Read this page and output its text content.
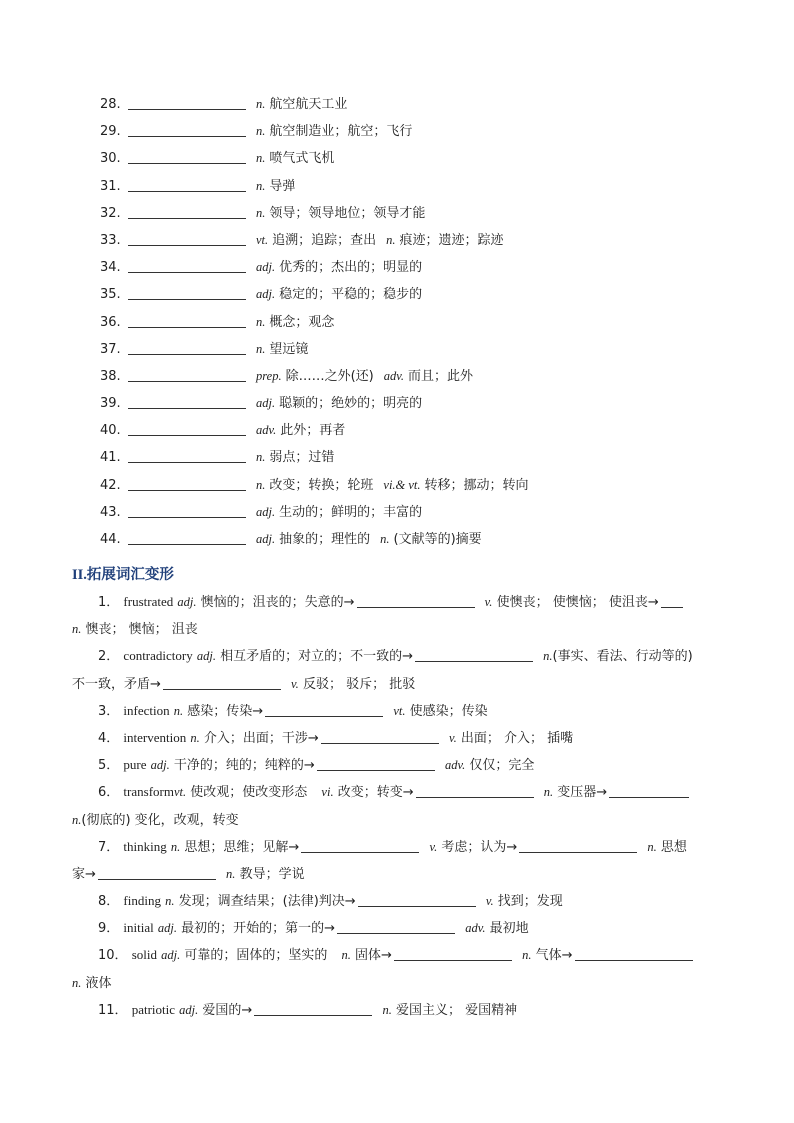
28.	n. 航空航天工业
29.	n. 航空制造业；航空；飞行
30.	n. 喷气式飞机
31.	n. 导弹
32.	n. 领导；领导地位；领导才能
33.	vt. 追溯；追踪；查出 n. 痕迹；遗迹；踪迹
34.	adj. 优秀的；杰出的；明显的
35.	adj. 稳定的；平稳的；稳步的
36.	n. 概念；观念
37.	n. 望远镜
38.	prep. 除……之外(还) adv. 而且；此外
39.	adj. 聪颖的；绝妙的；明亮的
40.	adv. 此外；再者
41.	n. 弱点；过错
42.	n. 改变；转换；轮班 vi.& vt. 转移；挪动；转向
43.	adj. 生动的；鲜明的；丰富的
44.	adj. 抽象的；理性的 n. (文献等的)摘要
II.拓展词汇变形
1． frustrated adj. 懊恼的；沮丧的；失意的→	v. 使懊丧； 使懊恼； 使沮丧→
n. 懊丧； 懊恼； 沮丧
2． contradictory adj. 相互矛盾的；对立的；不一致的→	n.(事实、看法、行动等的)
不一致，矛盾→	v. 反驳； 驳斥； 批驳
3． infection n. 感染；传染→	vt. 使感染；传染
4． intervention n. 介入；出面；干涉→	v. 出面； 介入； 插嘴
5． pure adj. 干净的；纯的；纯粹的→	adv. 仅仅；完全
6． transformvt. 使改观；使改变形态 vi. 改变；转变→	n. 变压器→
n.(彻底的) 变化，改观，转变
7． thinking n. 思想；思维；见解→	v. 考虑；认为→	n. 思想
家→	n. 教导；学说
8． finding n. 发现；调查结果；(法律)判决→	v. 找到；发现
9． initial adj. 最初的；开始的；第一的→	adv. 最初地
10． solid adj. 可靠的；固体的；坚实的 n. 固体→	n. 气体→
n. 液体
11． patriotic adj. 爱国的→	n. 爱国主义； 爱国精神
